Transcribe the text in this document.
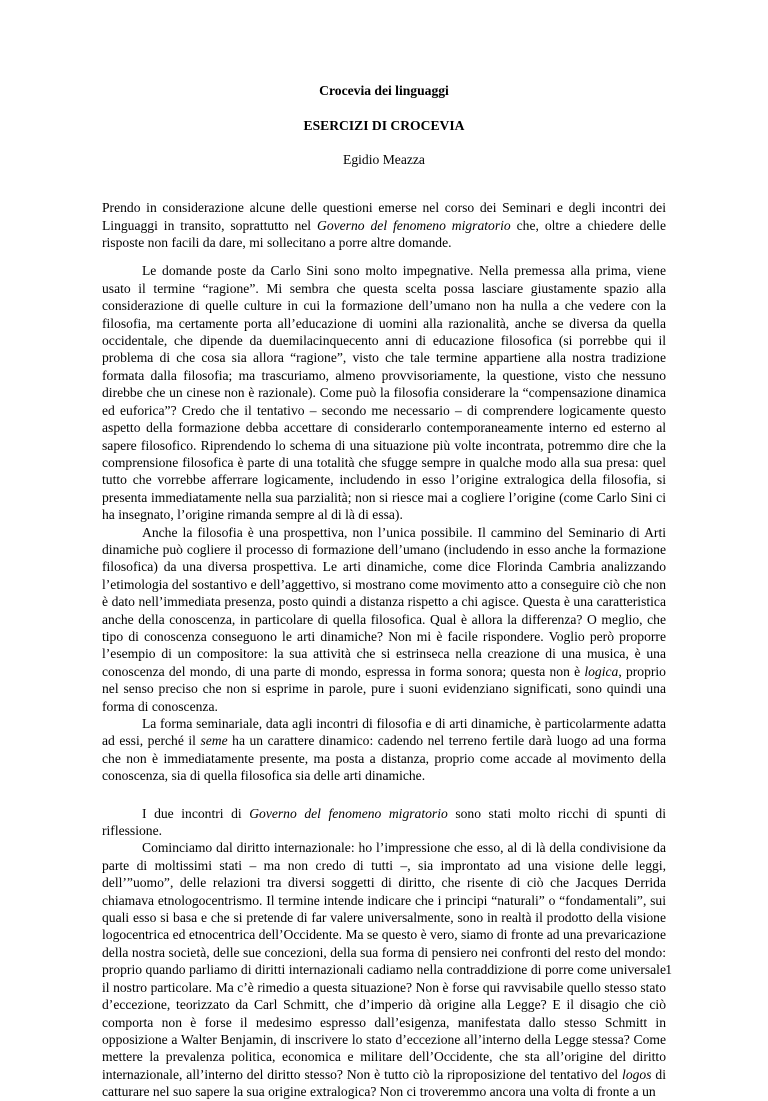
Crocevia dei linguaggi

ESERCIZI DI CROCEVIA

Egidio Meazza

Prendo in considerazione alcune delle questioni emerse nel corso dei Seminari e degli incontri dei Linguaggi in transito, soprattutto nel Governo del fenomeno migratorio che, oltre a chiedere delle risposte non facili da dare, mi sollecitano a porre altre domande.

Le domande poste da Carlo Sini sono molto impegnative. Nella premessa alla prima, viene usato il termine “ragione”. Mi sembra che questa scelta possa lasciare giustamente spazio alla considerazione di quelle culture in cui la formazione dell’umano non ha nulla a che vedere con la filosofia, ma certamente porta all’educazione di uomini alla razionalità, anche se diversa da quella occidentale, che dipende da duemilacinquecento anni di educazione filosofica (si porrebbe qui il problema di che cosa sia allora “ragione”, visto che tale termine appartiene alla nostra tradizione formata dalla filosofia; ma trascuriamo, almeno provvisoriamente, la questione, visto che nessuno direbbe che un cinese non è razionale). Come può la filosofia considerare la “compensazione dinamica ed euforica”? Credo che il tentativo – secondo me necessario – di comprendere logicamente questo aspetto della formazione debba accettare di considerarlo contemporaneamente interno ed esterno al sapere filosofico. Riprendendo lo schema di una situazione più volte incontrata, potremmo dire che la comprensione filosofica è parte di una totalità che sfugge sempre in qualche modo alla sua presa: quel tutto che vorrebbe afferrare logicamente, includendo in esso l’origine extralogica della filosofia, si presenta immediatamente nella sua parzialità; non si riesce mai a cogliere l’origine (come Carlo Sini ci ha insegnato, l’origine rimanda sempre al di là di essa).

Anche la filosofia è una prospettiva, non l’unica possibile. Il cammino del Seminario di Arti dinamiche può cogliere il processo di formazione dell’umano (includendo in esso anche la formazione filosofica) da una diversa prospettiva. Le arti dinamiche, come dice Florinda Cambria analizzando l’etimologia del sostantivo e dell’aggettivo, si mostrano come movimento atto a conseguire ciò che non è dato nell’immediata presenza, posto quindi a distanza rispetto a chi agisce. Questa è una caratteristica anche della conoscenza, in particolare di quella filosofica. Qual è allora la differenza? O meglio, che tipo di conoscenza conseguono le arti dinamiche? Non mi è facile rispondere. Voglio però proporre l’esempio di un compositore: la sua attività che si estrinseca nella creazione di una musica, è una conoscenza del mondo, di una parte di mondo, espressa in forma sonora; questa non è logica, proprio nel senso preciso che non si esprime in parole, pure i suoni evidenziano significati, sono quindi una forma di conoscenza.

La forma seminariale, data agli incontri di filosofia e di arti dinamiche, è particolarmente adatta ad essi, perché il seme ha un carattere dinamico: cadendo nel terreno fertile darà luogo ad una forma che non è immediatamente presente, ma posta a distanza, proprio come accade al movimento della conoscenza, sia di quella filosofica sia delle arti dinamiche.

I due incontri di Governo del fenomeno migratorio sono stati molto ricchi di spunti di riflessione.

Cominciamo dal diritto internazionale: ho l’impressione che esso, al di là della condivisione da parte di moltissimi stati – ma non credo di tutti –, sia improntato ad una visione delle leggi, dell’”uomo”, delle relazioni tra diversi soggetti di diritto, che risente di ciò che Jacques Derrida chiamava etnologocentrismo. Il termine intende indicare che i principi “naturali” o “fondamentali”, sui quali esso si basa e che si pretende di far valere universalmente, sono in realtà il prodotto della visione logocentrica ed etnocentrica dell’Occidente. Ma se questo è vero, siamo di fronte ad una prevaricazione della nostra società, delle sue concezioni, della sua forma di pensiero nei confronti del resto del mondo: proprio quando parliamo di diritti internazionali cadiamo nella contraddizione di porre come universale il nostro particolare. Ma c’è rimedio a questa situazione? Non è forse qui ravvisabile quello stesso stato d’eccezione, teorizzato da Carl Schmitt, che d’imperio dà origine alla Legge? E il disagio che ciò comporta non è forse il medesimo espresso dall’esigenza, manifestata dallo stesso Schmitt in opposizione a Walter Benjamin, di inscrivere lo stato d’eccezione all’interno della Legge stessa? Come mettere la prevalenza politica, economica e militare dell’Occidente, che sta all’origine del diritto internazionale, all’interno del diritto stesso? Non è tutto ciò la riproposizione del tentativo del logos di catturare nel suo sapere la sua origine extralogica? Non ci troveremmo ancora una volta di fronte a un

1
